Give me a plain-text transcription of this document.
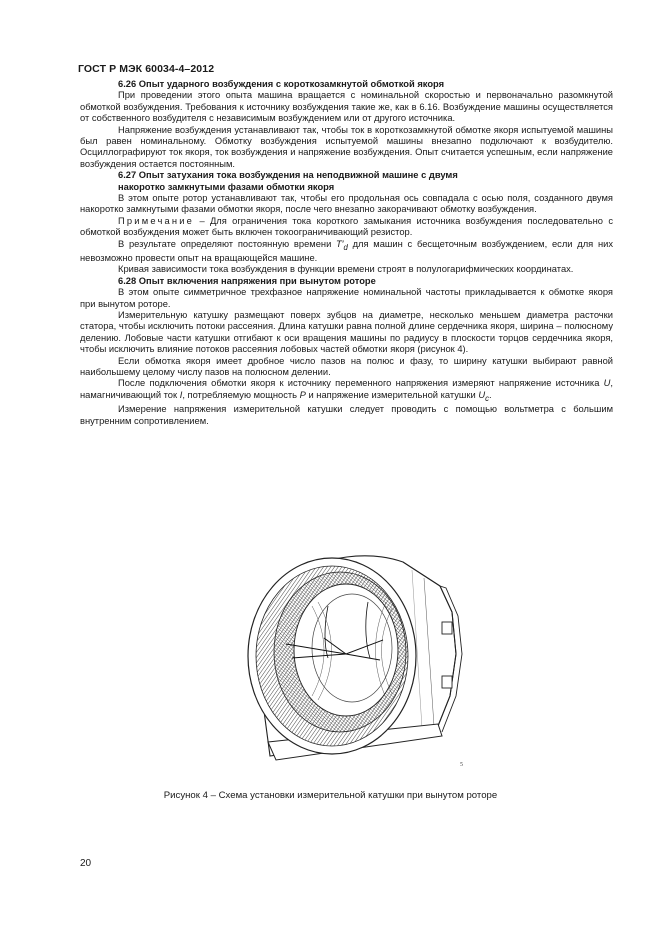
ГОСТ Р МЭК 60034-4–2012

6.26 Опыт ударного возбуждения с короткозамкнутой обмоткой якоря

При проведении этого опыта машина вращается с номинальной скоростью и первоначально разомкнутой обмоткой возбуждения. Требования к источнику возбуждения такие же, как в 6.16. Возбуждение машины осуществляется от собственного возбудителя с независимым возбуждением или от другого источника.

Напряжение возбуждения устанавливают так, чтобы ток в короткозамкнутой обмотке якоря испытуемой машины был равен номинальному. Обмотку возбуждения испытуемой машины внезапно подключают к возбудителю. Осциллографируют ток якоря, ток возбуждения и напряжение возбуждения. Опыт считается успешным, если напряжение возбуждения остается постоянным.

6.27 Опыт затухания тока возбуждения на неподвижной машине с двумя

накоротко замкнутыми фазами обмотки якоря

В этом опыте ротор устанавливают так, чтобы его продольная ось совпадала с осью поля, созданного двумя накоротко замкнутыми фазами обмотки якоря, после чего внезапно закорачивают обмотку возбуждения.

Примечание – Для ограничения тока короткого замыкания источника возбуждения последовательно с обмоткой возбуждения может быть включен токоограничивающий резистор.

В результате определяют постоянную времени $T'_d$ для машин с бесщеточным возбуждением, если для них невозможно провести опыт на вращающейся машине.

Кривая зависимости тока возбуждения в функции времени строят в полулогарифмических координатах.

6.28 Опыт включения напряжения при вынутом роторе

В этом опыте симметричное трехфазное напряжение номинальной частоты прикладывается к обмотке якоря при вынутом роторе.

Измерительную катушку размещают поверх зубцов на диаметре, несколько меньшем диаметра расточки статора, чтобы исключить потоки рассеяния. Длина катушки равна полной длине сердечника якоря, ширина – полюсному делению. Лобовые части катушки отгибают к оси вращения машины по радиусу в плоскости торцов сердечника якоря, чтобы исключить влияние потоков рассеяния лобовых частей обмотки якоря (рисунок 4).

Если обмотка якоря имеет дробное число пазов на полюс и фазу, то ширину катушки выбирают равной наибольшему целому числу пазов на полюсном делении.

После подключения обмотки якоря к источнику переменного напряжения измеряют напряжение источника U, намагничивающий ток I, потребляемую мощность P и напряжение измерительной катушки $U_c$.

Измерение напряжения измерительной катушки следует проводить с помощью вольтметра с большим внутренним сопротивлением.

5
Рисунок 4 – Схема установки измерительной катушки при вынутом роторе
20
